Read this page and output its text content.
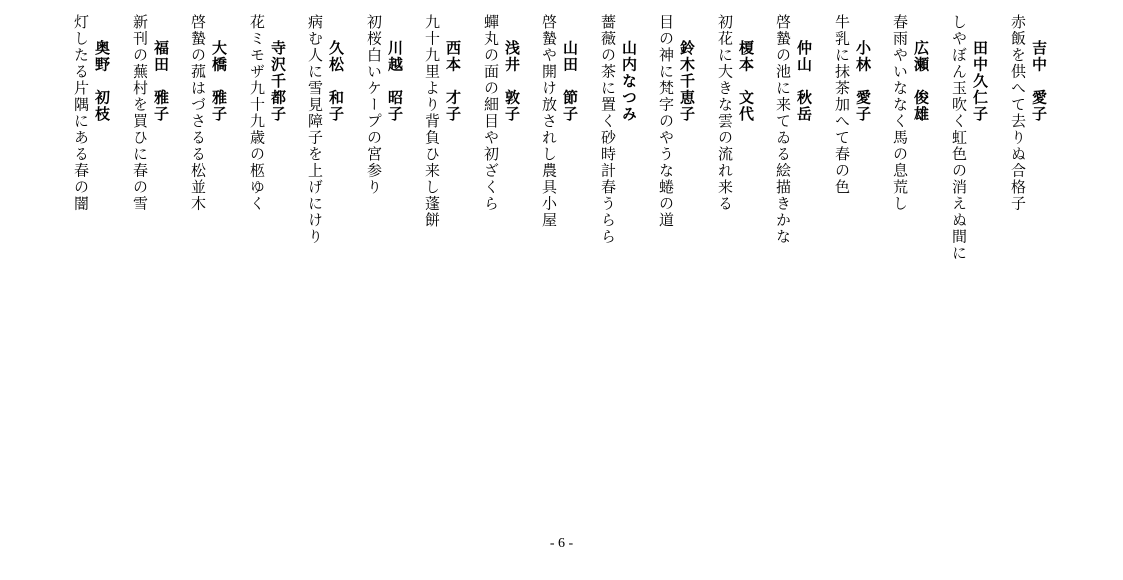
吉中　愛子
赤飯を供へて去りぬ合格子
田中久仁子
しやぼん玉吹く虹色の消えぬ間に
広瀬　俊雄
春雨やいななく馬の息荒し
小林　愛子
牛乳に抹茶加へて春の色
仲山　秋岳
啓蟄の池に来てゐる絵描きかな
榎本　文代
初花に大きな雲の流れ来る
鈴木千恵子
目の神に梵字のやうな蜷の道
山内なつみ
薔薇の茶に置く砂時計春うらら
山田　節子
啓蟄や開け放されし農具小屋
浅井　敦子
蟬丸の面の細目や初ざくら
西本　才子
九十九里より背負ひ来し蓬餅
川越　昭子
初桜白いケープの宮参り
久松　和子
病む人に雪見障子を上げにけり
寺沢千都子
花ミモザ九十九歳の柩ゆく
大橋　雅子
啓蟄の菰はづさるる松並木
福田　雅子
新刊の蕪村を買ひに春の雪
奥野　初枝
灯したる片隅にある春の闇
- 6 -
